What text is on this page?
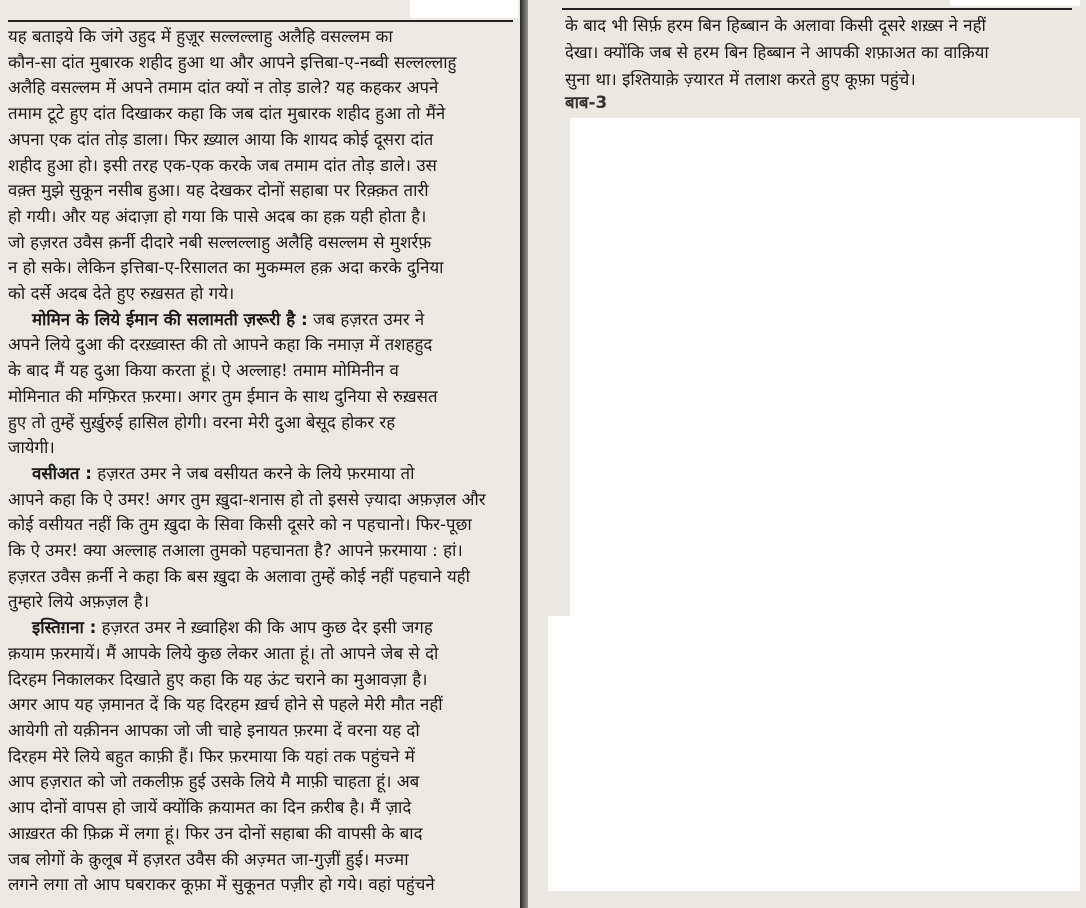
यह बताइये कि जंगे उहुद में हुज़ूर सल्लल्लाहु अलैहि वसल्लम का
कौन-सा दांत मुबारक शहीद हुआ था और आपने इत्तिबा-ए-नब्वी सल्लल्लाहु
अलैहि वसल्लम में अपने तमाम दांत क्यों न तोड़ डाले? यह कहकर अपने
तमाम टूटे हुए दांत दिखाकर कहा कि जब दांत मुबारक शहीद हुआ तो मैंने
अपना एक दांत तोड़ डाला। फिर ख़्याल आया कि शायद कोई दूसरा दांत
शहीद हुआ हो। इसी तरह एक-एक करके जब तमाम दांत तोड़ डाले। उस
वक़्त मुझे सुकून नसीब हुआ। यह देखकर दोनों सहाबा पर रिक़्क़त तारी
हो गयी। और यह अंदाज़ा हो गया कि पासे अदब का हक़ यही होता है।
जो हज़रत उवैस क़र्नी दीदारे नबी सल्लल्लाहु अलैहि वसल्लम से मुशर्रफ़
न हो सके। लेकिन इत्तिबा-ए-रिसालत का मुकम्मल हक़ अदा करके दुनिया
को दर्से अदब देते हुए रुख़सत हो गये।
मोमिन के लिये ईमान की सलामती ज़रूरी है : जब हज़रत उमर ने
अपने लिये दुआ की दरख़्वास्त की तो आपने कहा कि नमाज़ में तशहहुद
के बाद मैं यह दुआ किया करता हूं। ऐ अल्लाह! तमाम मोमिनीन व
मोमिनात की मग्फ़िरत फ़रमा। अगर तुम ईमान के साथ दुनिया से रुख़सत
हुए तो तुम्हें सुर्ख़ुरुई हासिल होगी। वरना मेरी दुआ बेसूद होकर रह
जायेगी।
वसीअत : हज़रत उमर ने जब वसीयत करने के लिये फ़रमाया तो
आपने कहा कि ऐ उमर! अगर तुम ख़ुदा-शनास हो तो इससे ज़्यादा अफ़ज़ल और
कोई वसीयत नहीं कि तुम ख़ुदा के सिवा किसी दूसरे को न पहचानो। फिर-पूछा
कि ऐ उमर! क्या अल्लाह तआला तुमको पहचानता है? आपने फ़रमाया : हां।
हज़रत उवैस क़र्नी ने कहा कि बस ख़ुदा के अलावा तुम्हें कोई नहीं पहचाने यही
तुम्हारे लिये अफ़ज़ल है।
इस्तिग़ना : हज़रत उमर ने ख़्वाहिश की कि आप कुछ देर इसी जगह
क़याम फ़रमायें। मैं आपके लिये कुछ लेकर आता हूं। तो आपने जेब से दो
दिरहम निकालकर दिखाते हुए कहा कि यह ऊंट चराने का मुआवज़ा है।
अगर आप यह ज़मानत दें कि यह दिरहम ख़र्च होने से पहले मेरी मौत नहीं
आयेगी तो यक़ीनन आपका जो जी चाहे इनायत फ़रमा दें वरना यह दो
दिरहम मेरे लिये बहुत काफ़ी हैं। फिर फ़रमाया कि यहां तक पहुंचने में
आप हज़रात को जो तकलीफ़ हुई उसके लिये मै माफ़ी चाहता हूं। अब
आप दोनों वापस हो जायें क्योंकि क़यामत का दिन क़रीब है। मैं ज़ादे
आख़रत की फ़िक्र में लगा हूं। फिर उन दोनों सहाबा की वापसी के बाद
जब लोगों के क़ुलूब में हज़रत उवैस की अज़्मत जा-गुज़ीं हुई। मज्मा
लगने लगा तो आप घबराकर कूफ़ा में सुकूनत पज़ीर हो गये। वहां पहुंचने
के बाद भी सिर्फ़ हरम बिन हिब्बान के अलावा किसी दूसरे शख़्स ने नहीं
देखा। क्योंकि जब से हरम बिन हिब्बान ने आपकी शफ़ाअत का वाक़िया
सुना था। इश्तियाक़े ज़्यारत में तलाश करते हुए कूफ़ा पहुंचे।
बाब-3
